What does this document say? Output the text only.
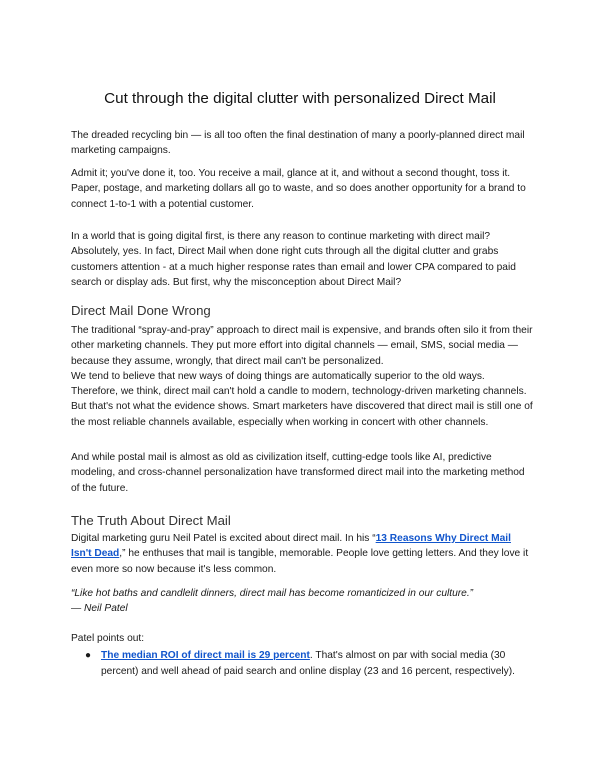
Cut through the digital clutter with personalized Direct Mail

The dreaded recycling bin — is all too often the final destination of many a poorly-planned direct mail marketing campaigns.

Admit it; you've done it, too. You receive a mail, glance at it, and without a second thought, toss it. Paper, postage, and marketing dollars all go to waste, and so does another opportunity for a brand to connect 1-to-1 with a potential customer.

In a world that is going digital first, is there any reason to continue marketing with direct mail? Absolutely, yes. In fact, Direct Mail when done right cuts through all the digital clutter and grabs customers attention - at a much higher response rates than email and lower CPA compared to paid search or display ads. But first, why the misconception about Direct Mail?

Direct Mail Done Wrong

The traditional “spray-and-pray” approach to direct mail is expensive, and brands often silo it from their other marketing channels. They put more effort into digital channels — email, SMS, social media — because they assume, wrongly, that direct mail can't be personalized.

We tend to believe that new ways of doing things are automatically superior to the old ways. Therefore, we think, direct mail can't hold a candle to modern, technology-driven marketing channels. But that's not what the evidence shows. Smart marketers have discovered that direct mail is still one of the most reliable channels available, especially when working in concert with other channels.

And while postal mail is almost as old as civilization itself, cutting-edge tools like AI, predictive modeling, and cross-channel personalization have transformed direct mail into the marketing method of the future.

The Truth About Direct Mail

Digital marketing guru Neil Patel is excited about direct mail. In his “13 Reasons Why Direct Mail Isn't Dead,” he enthuses that mail is tangible, memorable. People love getting letters. And they love it even more so now because it's less common.

“Like hot baths and candlelit dinners, direct mail has become romanticized in our culture.”

— Neil Patel

Patel points out:

● The median ROI of direct mail is 29 percent. That's almost on par with social media (30 percent) and well ahead of paid search and online display (23 and 16 percent, respectively).
